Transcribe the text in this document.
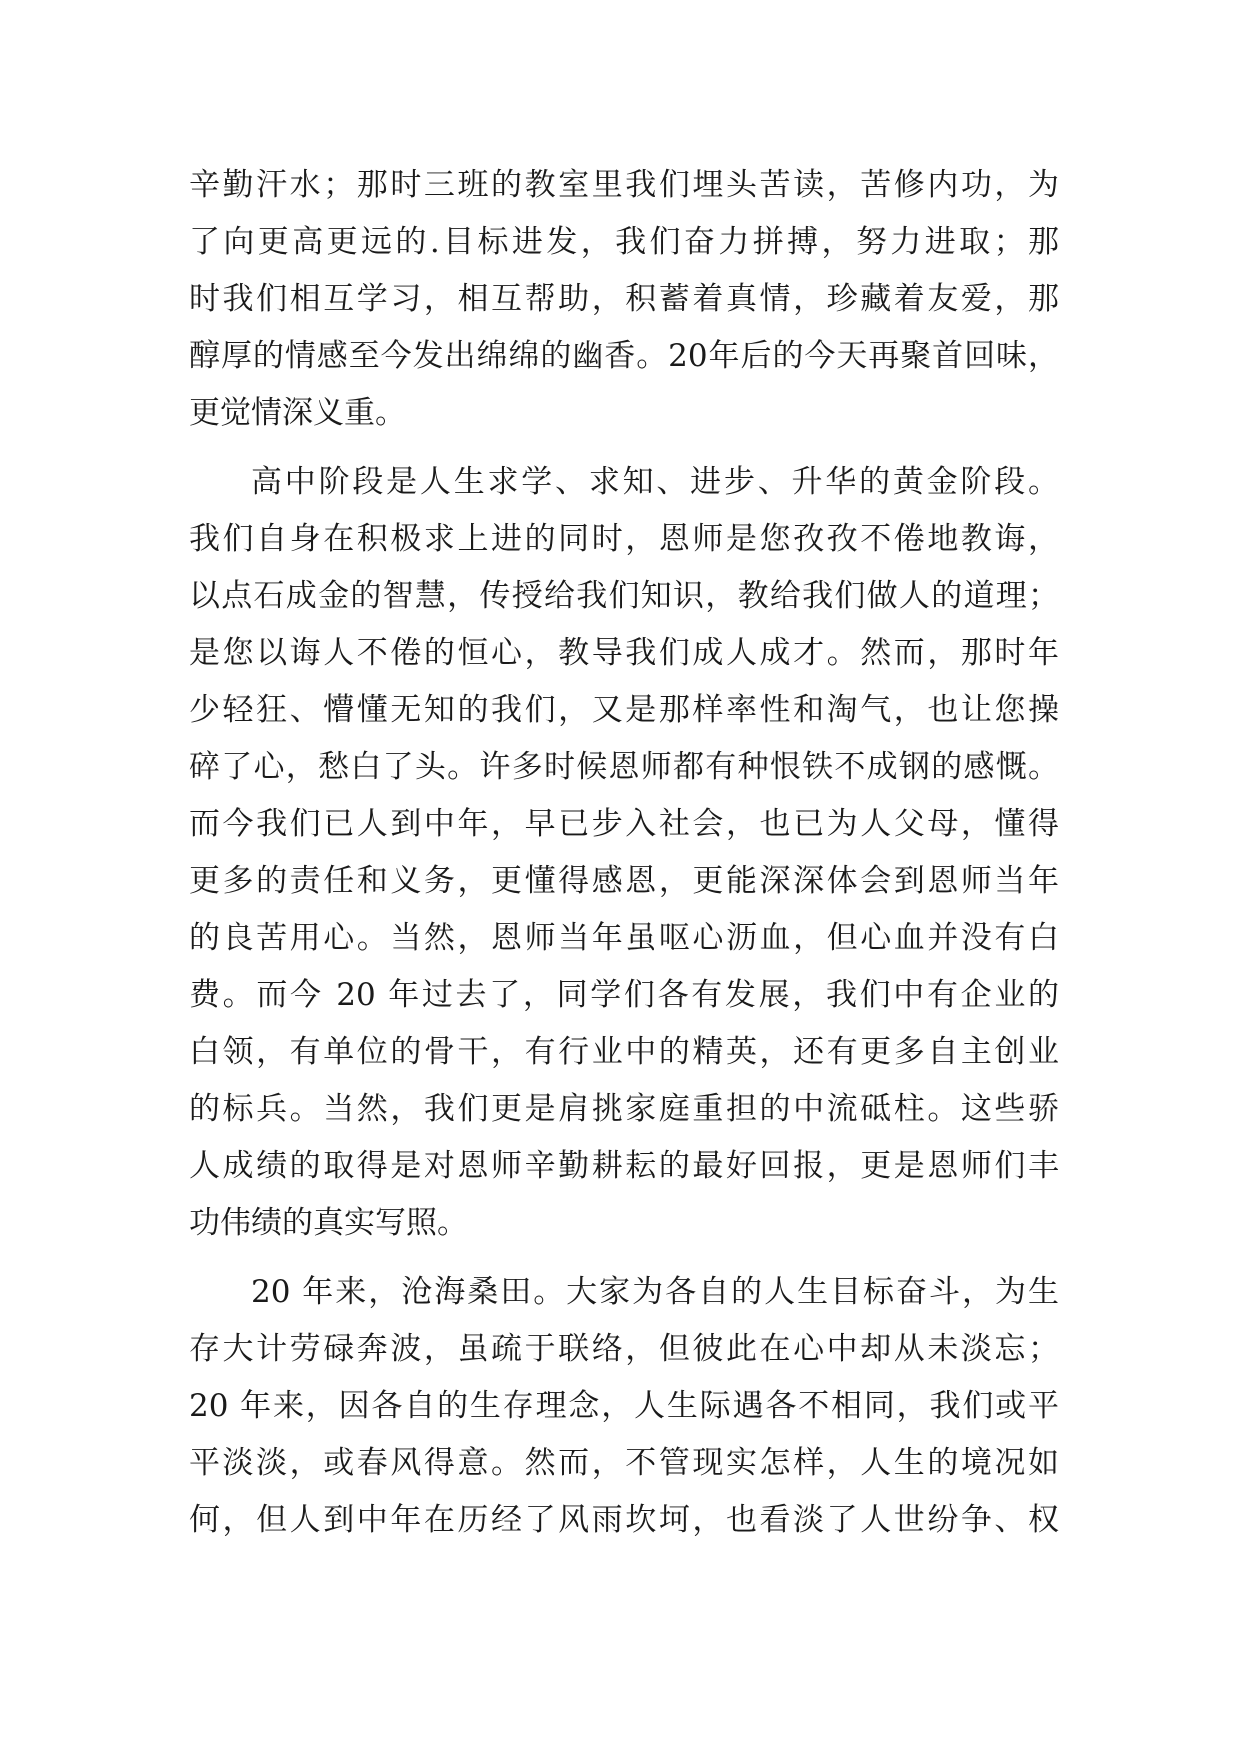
辛勤汗水；那时三班的教室里我们埋头苦读，苦修内功，为
了向更高更远的.目标进发，我们奋力拼搏，努力进取；那
时我们相互学习，相互帮助，积蓄着真情，珍藏着友爱，那
醇厚的情感至今发出绵绵的幽香。20年后的今天再聚首回味，
更觉情深义重。
高中阶段是人生求学、求知、进步、升华的黄金阶段。
我们自身在积极求上进的同时，恩师是您孜孜不倦地教诲，
以点石成金的智慧，传授给我们知识，教给我们做人的道理；
是您以诲人不倦的恒心，教导我们成人成才。然而，那时年
少轻狂、懵懂无知的我们，又是那样率性和淘气，也让您操
碎了心，愁白了头。许多时候恩师都有种恨铁不成钢的感慨。
而今我们已人到中年，早已步入社会，也已为人父母，懂得
更多的责任和义务，更懂得感恩，更能深深体会到恩师当年
的良苦用心。当然，恩师当年虽呕心沥血，但心血并没有白
费。而今 20 年过去了，同学们各有发展，我们中有企业的
白领，有单位的骨干，有行业中的精英，还有更多自主创业
的标兵。当然，我们更是肩挑家庭重担的中流砥柱。这些骄
人成绩的取得是对恩师辛勤耕耘的最好回报，更是恩师们丰
功伟绩的真实写照。
20 年来，沧海桑田。大家为各自的人生目标奋斗，为生
存大计劳碌奔波，虽疏于联络，但彼此在心中却从未淡忘；
20 年来，因各自的生存理念，人生际遇各不相同，我们或平
平淡淡，或春风得意。然而，不管现实怎样，人生的境况如
何，但人到中年在历经了风雨坎坷，也看淡了人世纷争、权
